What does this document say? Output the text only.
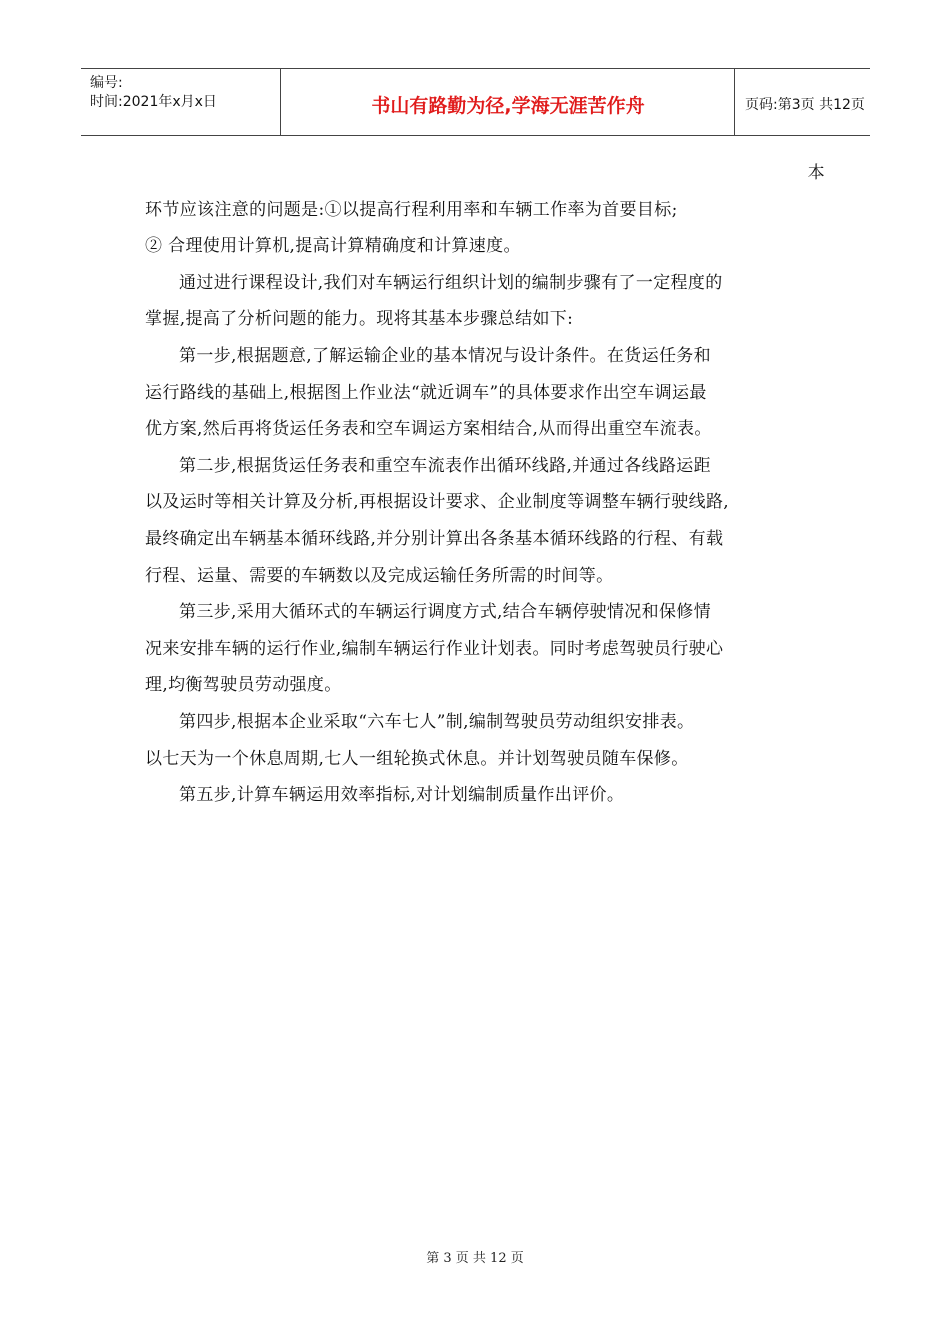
编号:
时间:2021年x月x日	书山有路勤为径,学海无涯苦作舟	页码:第3页 共12页
本
环节应该注意的问题是:①以提高行程利用率和车辆工作率为首要目标;
② 合理使用计算机,提高计算精确度和计算速度。
通过进行课程设计,我们对车辆运行组织计划的编制步骤有了一定程度的
掌握,提高了分析问题的能力。现将其基本步骤总结如下:
第一步,根据题意,了解运输企业的基本情况与设计条件。在货运任务和
运行路线的基础上,根据图上作业法“就近调车”的具体要求作出空车调运最
优方案,然后再将货运任务表和空车调运方案相结合,从而得出重空车流表。
第二步,根据货运任务表和重空车流表作出循环线路,并通过各线路运距
以及运时等相关计算及分析,再根据设计要求、企业制度等调整车辆行驶线路,
最终确定出车辆基本循环线路,并分别计算出各条基本循环线路的行程、有载
行程、运量、需要的车辆数以及完成运输任务所需的时间等。
第三步,采用大循环式的车辆运行调度方式,结合车辆停驶情况和保修情
况来安排车辆的运行作业,编制车辆运行作业计划表。同时考虑驾驶员行驶心
理,均衡驾驶员劳动强度。
第四步,根据本企业采取“六车七人”制,编制驾驶员劳动组织安排表。
以七天为一个休息周期,七人一组轮换式休息。并计划驾驶员随车保修。
第五步,计算车辆运用效率指标,对计划编制质量作出评价。
第 3 页 共 12 页
